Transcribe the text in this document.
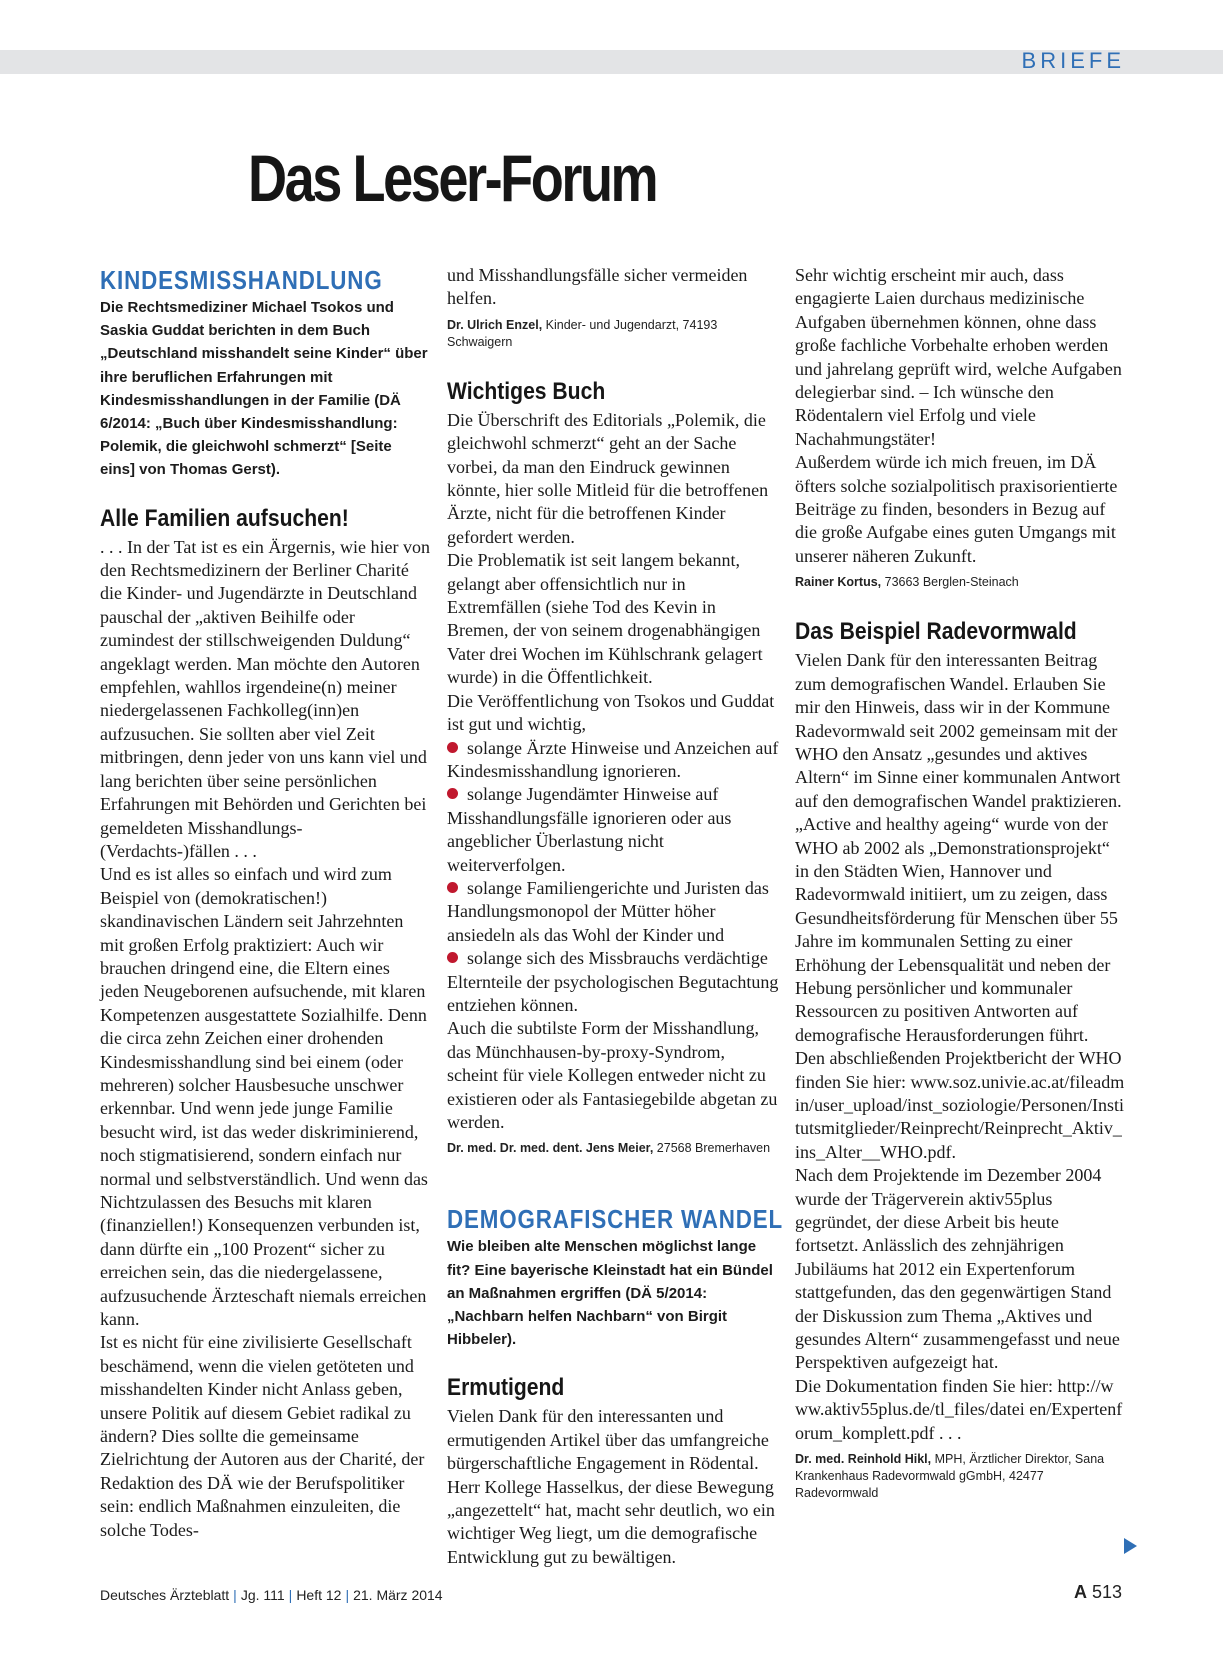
BRIEFE
Das Leser-Forum
KINDESMISSHANDLUNG
Die Rechtsmediziner Michael Tsokos und Saskia Guddat berichten in dem Buch „Deutschland misshandelt seine Kinder“ über ihre beruflichen Erfahrungen mit Kindesmisshandlungen in der Familie (DÄ 6/2014: „Buch über Kindesmisshandlung: Polemik, die gleichwohl schmerzt“ [Seite eins] von Thomas Gerst).
Alle Familien aufsuchen!

. . . In der Tat ist es ein Ärgernis, wie hier von den Rechtsmedizinern der Berliner Charité die Kinder- und Jugendärzte in Deutschland pauschal der „aktiven Beihilfe oder zumindest der stillschweigenden Duldung“ angeklagt werden. Man möchte den Autoren empfehlen, wahllos irgendeine(n) meiner niedergelassenen Fachkolleg(inn)en aufzusuchen. Sie sollten aber viel Zeit mitbringen, denn jeder von uns kann viel und lang berichten über seine persönlichen Erfahrungen mit Behörden und Gerichten bei gemeldeten Misshandlungs-(Verdachts-)fällen . . .

Und es ist alles so einfach und wird zum Beispiel von (demokratischen!) skandinavischen Ländern seit Jahrzehnten mit großen Erfolg praktiziert: Auch wir brauchen dringend eine, die Eltern eines jeden Neugeborenen aufsuchende, mit klaren Kompetenzen ausgestattete Sozialhilfe. Denn die circa zehn Zeichen einer drohenden Kindesmisshandlung sind bei einem (oder mehreren) solcher Hausbesuche unschwer erkennbar. Und wenn jede junge Familie besucht wird, ist das weder diskriminierend, noch stigmatisierend, sondern einfach nur normal und selbstverständlich. Und wenn das Nichtzulassen des Besuchs mit klaren (finanziellen!) Konsequenzen verbunden ist, dann dürfte ein „100 Prozent“ sicher zu erreichen sein, das die niedergelassene, aufzusuchende Ärzteschaft niemals erreichen kann.

Ist es nicht für eine zivilisierte Gesellschaft beschämend, wenn die vielen getöteten und misshandelten Kinder nicht Anlass geben, unsere Politik auf diesem Gebiet radikal zu ändern? Dies sollte die gemeinsame Zielrichtung der Autoren aus der Charité, der Redaktion des DÄ wie der Berufspolitiker sein: endlich Maßnahmen einzuleiten, die solche Todes-

und Misshandlungsfälle sicher vermeiden helfen.

Dr. Ulrich Enzel, Kinder- und Jugendarzt, 74193 Schwaigern
Wichtiges Buch

Die Überschrift des Editorials „Polemik, die gleichwohl schmerzt“ geht an der Sache vorbei, da man den Eindruck gewinnen könnte, hier solle Mitleid für die betroffenen Ärzte, nicht für die betroffenen Kinder gefordert werden.

Die Problematik ist seit langem bekannt, gelangt aber offensichtlich nur in Extremfällen (siehe Tod des Kevin in Bremen, der von seinem drogenabhängigen Vater drei Wochen im Kühlschrank gelagert wurde) in die Öffentlichkeit.

Die Veröffentlichung von Tsokos und Guddat ist gut und wichtig,

solange Ärzte Hinweise und Anzeichen auf Kindesmisshandlung ignorieren.

solange Jugendämter Hinweise auf Misshandlungsfälle ignorieren oder aus angeblicher Überlastung nicht weiterverfolgen.

solange Familiengerichte und Juristen das Handlungsmonopol der Mütter höher ansiedeln als das Wohl der Kinder und

solange sich des Missbrauchs verdächtige Elternteile der psychologischen Begutachtung entziehen können.

Auch die subtilste Form der Misshandlung, das Münchhausen-by-proxy-Syndrom, scheint für viele Kollegen entweder nicht zu existieren oder als Fantasiegebilde abgetan zu werden.

Dr. med. Dr. med. dent. Jens Meier, 27568 Bremerhaven
DEMOGRAFISCHER WANDEL
Wie bleiben alte Menschen möglichst lange fit? Eine bayerische Kleinstadt hat ein Bündel an Maßnahmen ergriffen (DÄ 5/2014: „Nachbarn helfen Nachbarn“ von Birgit Hibbeler).
Ermutigend

Vielen Dank für den interessanten und ermutigenden Artikel über das umfangreiche bürgerschaftliche Engagement in Rödental. Herr Kollege Hasselkus, der diese Bewegung „angezettelt“ hat, macht sehr deutlich, wo ein wichtiger Weg liegt, um die demografische Entwicklung gut zu bewältigen.

Sehr wichtig erscheint mir auch, dass engagierte Laien durchaus medizinische Aufgaben übernehmen können, ohne dass große fachliche Vorbehalte erhoben werden und jahrelang geprüft wird, welche Aufgaben delegierbar sind. – Ich wünsche den Rödentalern viel Erfolg und viele Nachahmungstäter!

Außerdem würde ich mich freuen, im DÄ öfters solche sozialpolitisch praxisorientierte Beiträge zu finden, besonders in Bezug auf die große Aufgabe eines guten Umgangs mit unserer näheren Zukunft.

Rainer Kortus, 73663 Berglen-Steinach
Das Beispiel Radevormwald

Vielen Dank für den interessanten Beitrag zum demografischen Wandel. Erlauben Sie mir den Hinweis, dass wir in der Kommune Radevormwald seit 2002 gemeinsam mit der WHO den Ansatz „gesundes und aktives Altern“ im Sinne einer kommunalen Antwort auf den demografischen Wandel praktizieren.

„Active and healthy ageing“ wurde von der WHO ab 2002 als „Demonstrationsprojekt“ in den Städten Wien, Hannover und Radevormwald initiiert, um zu zeigen, dass Gesundheitsförderung für Menschen über 55 Jahre im kommunalen Setting zu einer Erhöhung der Lebensqualität und neben der Hebung persönlicher und kommunaler Ressourcen zu positiven Antworten auf demografische Herausforderungen führt.

Den abschließenden Projektbericht der WHO finden Sie hier: www.soz.univie.ac.at/fileadmin/user_upload/inst_soziologie/Personen/Institutsmitglieder/Reinprecht/Reinprecht_Aktiv_ins_Alter__WHO.pdf.

Nach dem Projektende im Dezember 2004 wurde der Trägerverein aktiv55plus gegründet, der diese Arbeit bis heute fortsetzt. Anlässlich des zehnjährigen Jubiläums hat 2012 ein Expertenforum stattgefunden, das den gegenwärtigen Stand der Diskussion zum Thema „Aktives und gesundes Altern“ zusammengefasst und neue Perspektiven aufgezeigt hat.

Die Dokumentation finden Sie hier: http://www.aktiv55plus.de/tl_files/datei en/Expertenforum_komplett.pdf . . .

Dr. med. Reinhold Hikl, MPH, Ärztlicher Direktor, Sana Krankenhaus Radevormwald gGmbH, 42477 Radevormwald
Deutsches Ärzteblatt | Jg. 111 | Heft 12 | 21. März 2014	A 513
